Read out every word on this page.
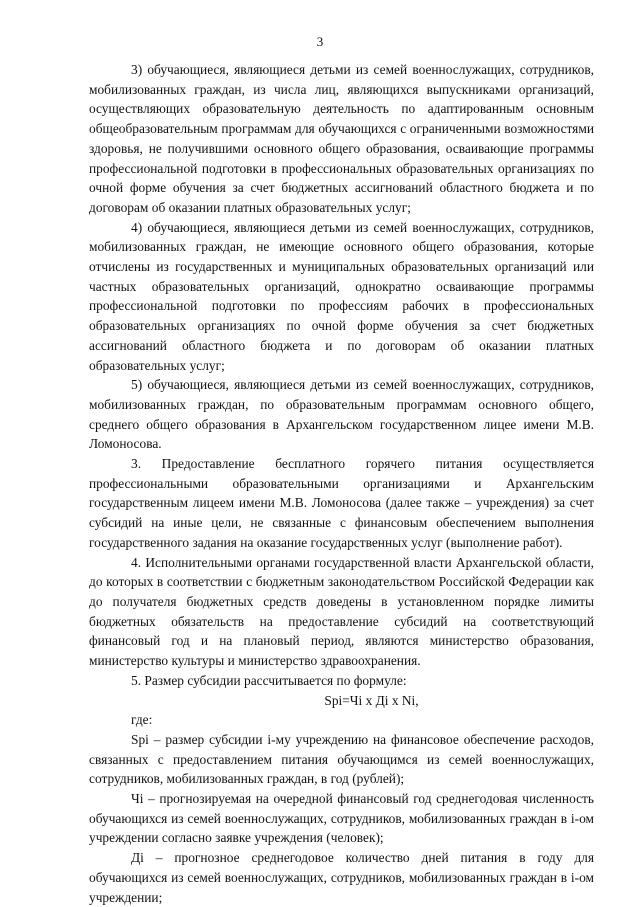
3

3) обучающиеся, являющиеся детьми из семей военнослужащих, сотрудников, мобилизованных граждан, из числа лиц, являющихся выпускниками организаций, осуществляющих образовательную деятельность по адаптированным основным общеобразовательным программам для обучающихся с ограниченными возможностями здоровья, не получившими основного общего образования, осваивающие программы профессиональной подготовки в профессиональных образовательных организациях по очной форме обучения за счет бюджетных ассигнований областного бюджета и по договорам об оказании платных образовательных услуг;

4) обучающиеся, являющиеся детьми из семей военнослужащих, сотрудников, мобилизованных граждан, не имеющие основного общего образования, которые отчислены из государственных и муниципальных образовательных организаций или частных образовательных организаций, однократно осваивающие программы профессиональной подготовки по профессиям рабочих в профессиональных образовательных организациях по очной форме обучения за счет бюджетных ассигнований областного бюджета и по договорам об оказании платных образовательных услуг;

5) обучающиеся, являющиеся детьми из семей военнослужащих, сотрудников, мобилизованных граждан, по образовательным программам основного общего, среднего общего образования в Архангельском государственном лицее имени М.В. Ломоносова.

3. Предоставление бесплатного горячего питания осуществляется профессиональными образовательными организациями и Архангельским государственным лицеем имени М.В. Ломоносова (далее также – учреждения) за счет субсидий на иные цели, не связанные с финансовым обеспечением выполнения государственного задания на оказание государственных услуг (выполнение работ).

4. Исполнительными органами государственной власти Архангельской области, до которых в соответствии с бюджетным законодательством Российской Федерации как до получателя бюджетных средств доведены в установленном порядке лимиты бюджетных обязательств на предоставление субсидий на соответствующий финансовый год и на плановый период, являются министерство образования, министерство культуры и министерство здравоохранения.

5. Размер субсидии рассчитывается по формуле:

Spi=Чi х Дi х Ni,

где:

Spi – размер субсидии i-му учреждению на финансовое обеспечение расходов, связанных с предоставлением питания обучающимся из семей военнослужащих, сотрудников, мобилизованных граждан, в год (рублей);

Чi – прогнозируемая на очередной финансовый год среднегодовая численность обучающихся из семей военнослужащих, сотрудников, мобилизованных граждан в i-ом учреждении согласно заявке учреждения (человек);

Дi – прогнозное среднегодовое количество дней питания в году для обучающихся из семей военнослужащих, сотрудников, мобилизованных граждан в i-ом учреждении;
